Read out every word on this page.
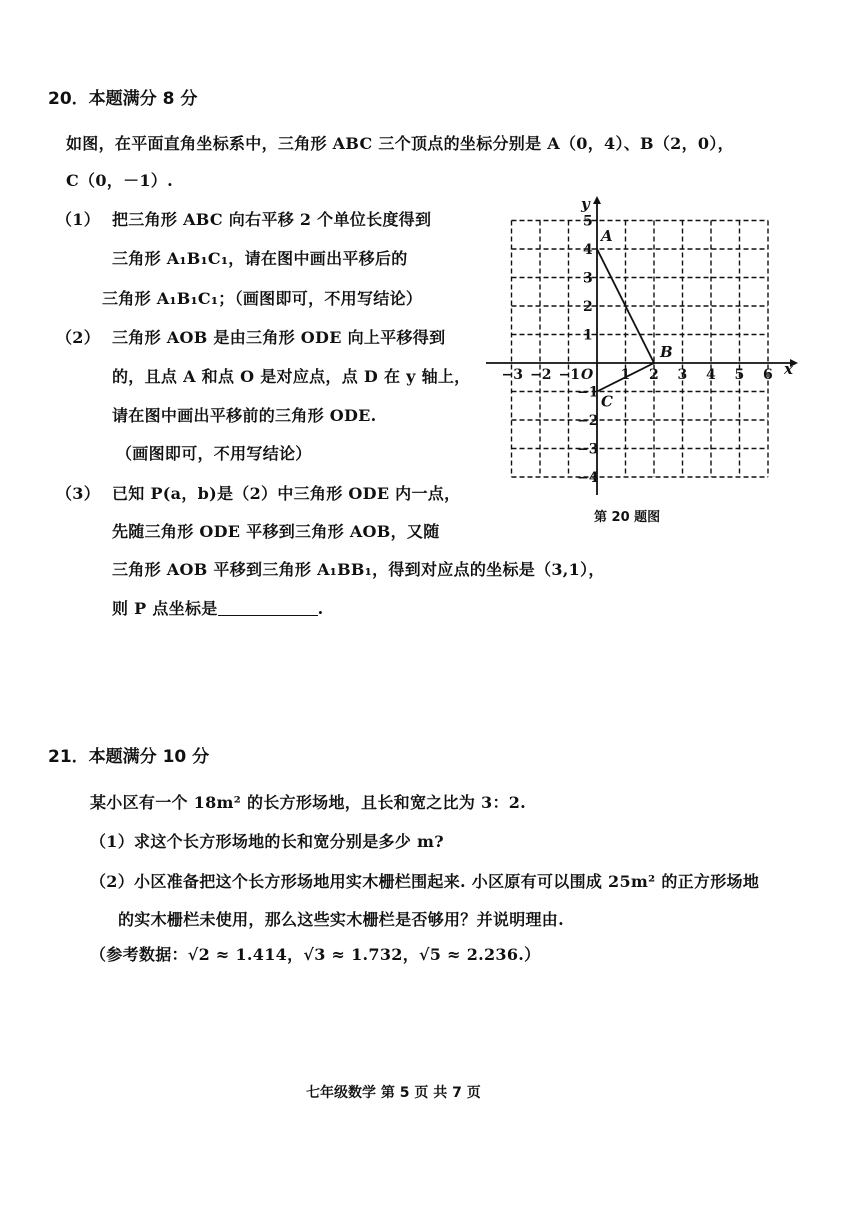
20．本题满分 8 分
如图，在平面直角坐标系中，三角形 ABC 三个顶点的坐标分别是 A（0，4）、B（2，0），
C（0，－1）.
（1） 把三角形 ABC 向右平移 2 个单位长度得到
三角形 A₁B₁C₁，请在图中画出平移后的
三角形 A₁B₁C₁；（画图即可，不用写结论）
（2） 三角形 AOB 是由三角形 ODE 向上平移得到
的，且点 A 和点 O 是对应点，点 D 在 y 轴上，
请在图中画出平移前的三角形 ODE.
（画图即可，不用写结论）
（3） 已知 P(a，b)是（2）中三角形 ODE 内一点，
先随三角形 ODE 平移到三角形 AOB，又随
三角形 AOB 平移到三角形 A₁BB₁，得到对应点的坐标是（3,1），
则 P 点坐标是	.
x
y
O
−3 −2 −1	1 2 3 4 5 6
5
4
3
2
1
−1
−2
−3
−4
A
B
C
第 20 题图
21．本题满分 10 分
某小区有一个 18m² 的长方形场地，且长和宽之比为 3：2.
（1）求这个长方形场地的长和宽分别是多少 m?
（2）小区准备把这个长方形场地用实木栅栏围起来. 小区原有可以围成 25m² 的正方形场地
的实木栅栏未使用，那么这些实木栅栏是否够用？并说明理由.
（参考数据：√2 ≈ 1.414，√3 ≈ 1.732，√5 ≈ 2.236.）
七年级数学 第 5 页 共 7 页
